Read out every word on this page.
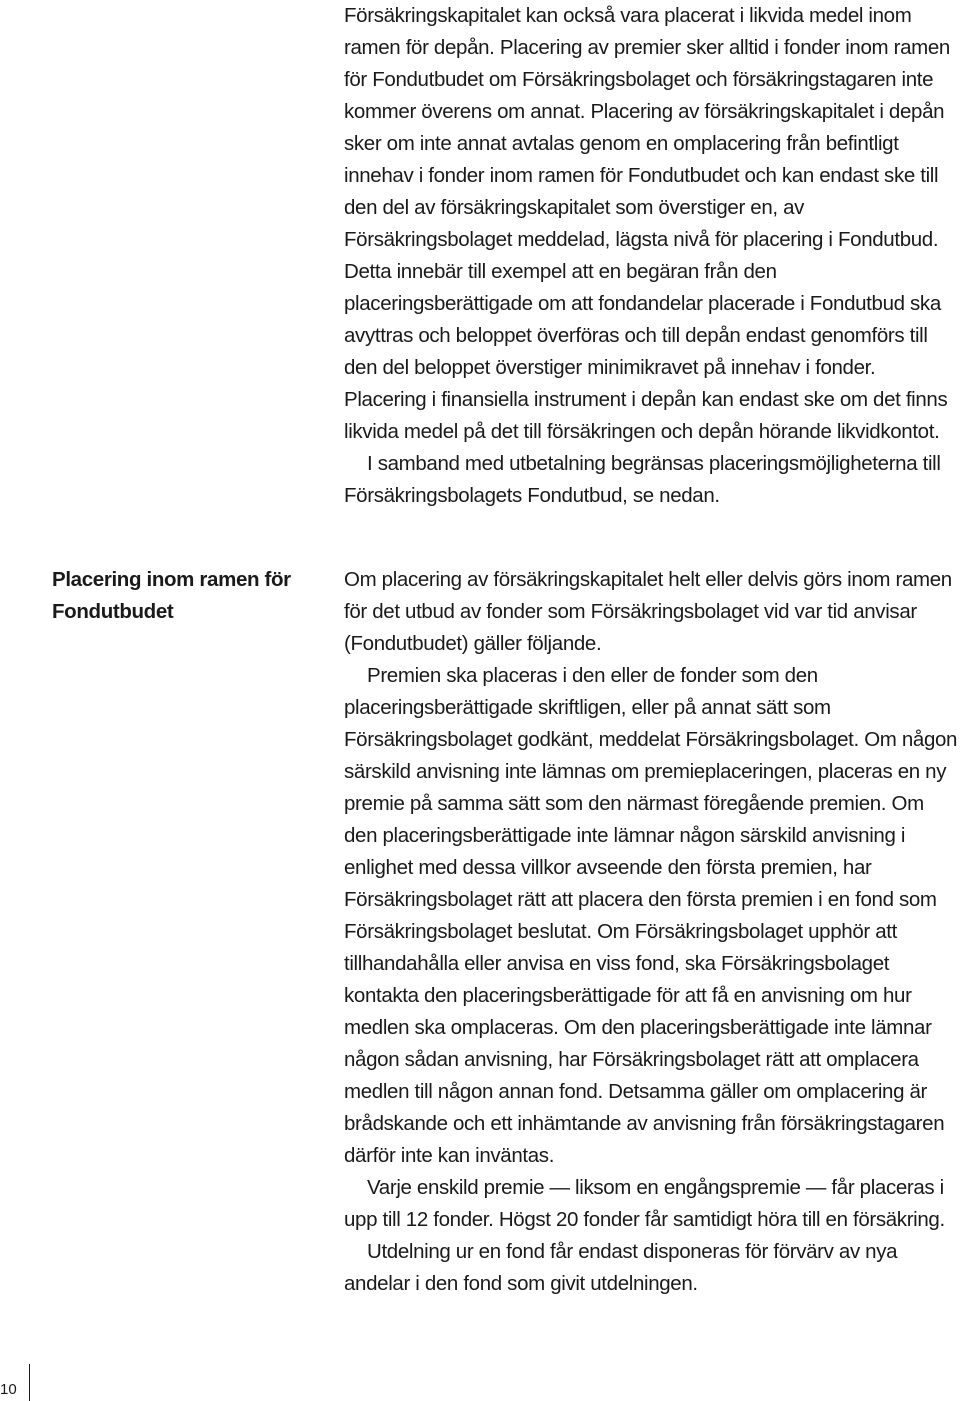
Försäkringskapitalet kan också vara placerat i likvida medel inom ramen för depån. Placering av premier sker alltid i fonder inom ramen för Fondutbudet om Försäkringsbolaget och försäkringstagaren inte kommer överens om annat. Placering av försäkringskapitalet i depån sker om inte annat avtalas genom en omplacering från befintligt innehav i fonder inom ramen för Fondutbudet och kan endast ske till den del av försäkringskapitalet som överstiger en, av Försäkringsbolaget meddelad, lägsta nivå för placering i Fondutbud. Detta innebär till exempel att en begäran från den placeringsberättigade om att fondandelar placerade i Fondutbud ska avyttras och beloppet överföras och till depån endast genomförs till den del beloppet överstiger minimikravet på innehav i fonder. Placering i finansiella instrument i depån kan endast ske om det finns likvida medel på det till försäkringen och depån hörande likvidkontot.

I samband med utbetalning begränsas placeringsmöjligheterna till Försäkringsbolagets Fondutbud, se nedan.

Om placering av försäkringskapitalet helt eller delvis görs inom ramen för det utbud av fonder som Försäkringsbolaget vid var tid anvisar (Fondutbudet) gäller följande.

Premien ska placeras i den eller de fonder som den placeringsberättigade skriftligen, eller på annat sätt som Försäkringsbolaget godkänt, meddelat Försäkringsbolaget. Om någon särskild anvisning inte lämnas om premieplaceringen, placeras en ny premie på samma sätt som den närmast föregående premien. Om den placeringsberättigade inte lämnar någon särskild anvisning i enlighet med dessa villkor avseende den första premien, har Försäkringsbolaget rätt att placera den första premien i en fond som Försäkringsbolaget beslutat. Om Försäkringsbolaget upphör att tillhandahålla eller anvisa en viss fond, ska Försäkringsbolaget kontakta den placeringsberättigade för att få en anvisning om hur medlen ska omplaceras. Om den placeringsberättigade inte lämnar någon sådan anvisning, har Försäkringsbolaget rätt att omplacera medlen till någon annan fond. Detsamma gäller om omplacering är brådskande och ett inhämtande av anvisning från försäkringstagaren därför inte kan inväntas.

Varje enskild premie — liksom en engångspremie — får placeras i upp till 12 fonder. Högst 20 fonder får samtidigt höra till en försäkring.

Utdelning ur en fond får endast disponeras för förvärv av nya andelar i den fond som givit utdelningen.

Placering inom ramen för Fondutbudet
10
